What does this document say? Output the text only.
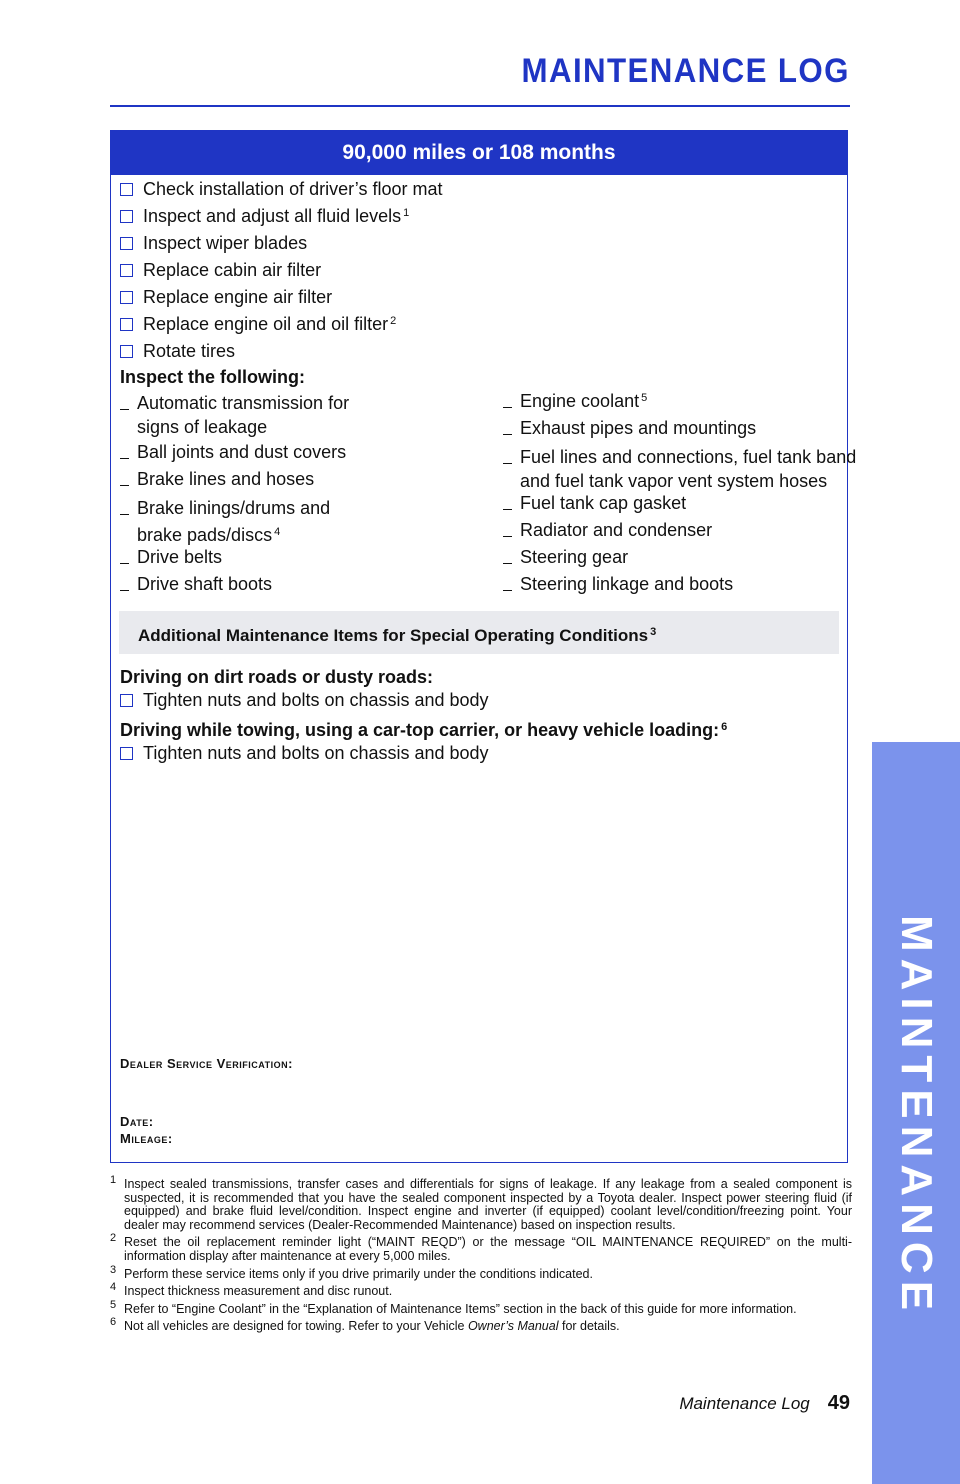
MAINTENANCE LOG
90,000 miles or 108 months
Check installation of driver’s floor mat
Inspect and adjust all fluid levels $^1$
Inspect wiper blades
Replace cabin air filter
Replace engine air filter
Replace engine oil and oil filter $^2$
Rotate tires
Inspect the following:
Automatic transmission for
signs of leakage
Ball joints and dust covers
Brake lines and hoses
Brake linings/drums and
brake pads/discs $^4$
Drive belts
Drive shaft boots
Engine coolant $^5$
Exhaust pipes and mountings
Fuel lines and connections, fuel tank band
and fuel tank vapor vent system hoses
Fuel tank cap gasket
Radiator and condenser
Steering gear
Steering linkage and boots
Additional Maintenance Items for Special Operating Conditions $^3$
Driving on dirt roads or dusty roads:
Tighten nuts and bolts on chassis and body
Driving while towing, using a car-top carrier, or heavy vehicle loading: $^6$
Tighten nuts and bolts on chassis and body
Dealer Service Verification:
Date:
Mileage:
1 Inspect sealed transmissions, transfer cases and differentials for signs of leakage. If any leakage from a sealed component is suspected, it is recommended that you have the sealed component inspected by a Toyota dealer. Inspect power steering fluid (if equipped) and brake fluid level/condition. Inspect engine and inverter (if equipped) coolant level/condition/freezing point. Your dealer may recommend services (Dealer-Recommended Maintenance) based on inspection results.
2 Reset the oil replacement reminder light (“MAINT REQD”) or the message “OIL MAINTENANCE REQUIRED” on the multi-information display after maintenance at every 5,000 miles.
3 Perform these service items only if you drive primarily under the conditions indicated.
4 Inspect thickness measurement and disc runout.
5 Refer to “Engine Coolant” in the “Explanation of Maintenance Items” section in the back of this guide for more information.
6 Not all vehicles are designed for towing. Refer to your Vehicle Owner’s Manual for details.
Maintenance Log 49
MAINTENANCE
